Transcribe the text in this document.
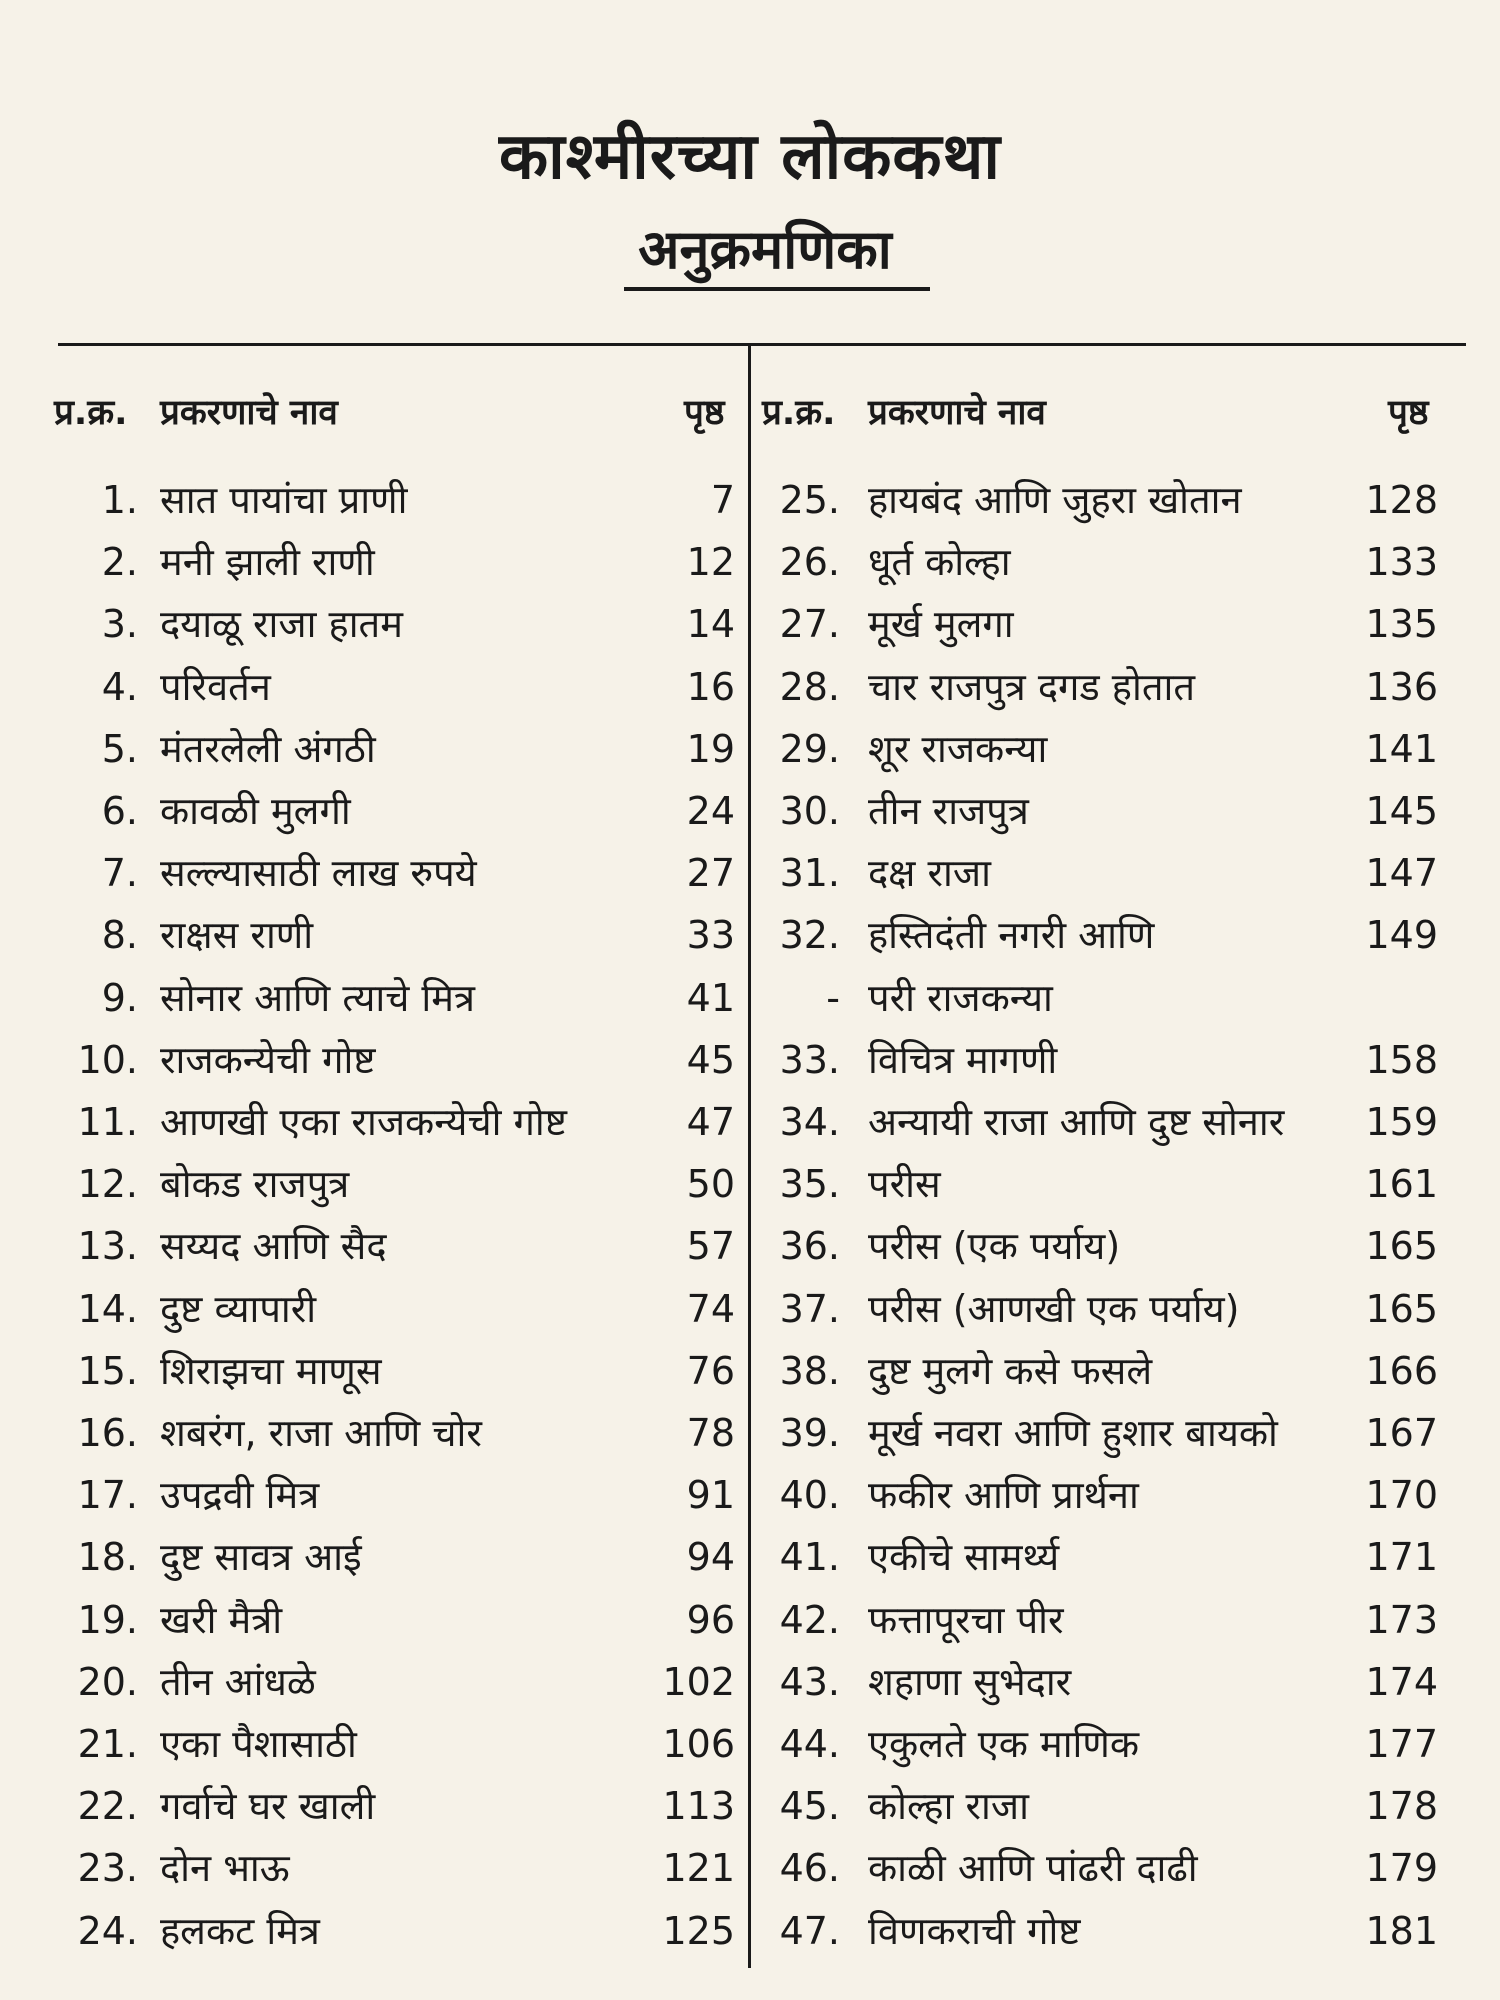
काश्मीरच्या लोककथा
अनुक्रमणिका
प्र.क्र. प्रकरणाचे नाव	पृष्ठ प्र.क्र. प्रकरणाचे नाव	पृष्ठ
1. सात पायांचा प्राणी	7
2. मनी झाली राणी	12
3. दयाळू राजा हातम	14
4. परिवर्तन	16
5. मंतरलेली अंगठी	19
6. कावळी मुलगी	24
7. सल्ल्यासाठी लाख रुपये	27
8. राक्षस राणी	33
9. सोनार आणि त्याचे मित्र	41
10. राजकन्येची गोष्ट	45
11. आणखी एका राजकन्येची गोष्ट	47
12. बोकड राजपुत्र	50
13. सय्यद आणि सैद	57
14. दुष्ट व्यापारी	74
15. शिराझचा माणूस	76
16. शबरंग, राजा आणि चोर	78
17. उपद्रवी मित्र	91
18. दुष्ट सावत्र आई	94
19. खरी मैत्री	96
20. तीन आंधळे	102
21. एका पैशासाठी	106
22. गर्वाचे घर खाली	113
23. दोन भाऊ	121
24. हलकट मित्र	125
25. हायबंद आणि जुहरा खोतान	128
26. धूर्त कोल्हा	133
27. मूर्ख मुलगा	135
28. चार राजपुत्र दगड होतात	136
29. शूर राजकन्या	141
30. तीन राजपुत्र	145
31. दक्ष राजा	147
32. हस्तिदंती नगरी आणि	149
- परी राजकन्या
33. विचित्र मागणी	158
34. अन्यायी राजा आणि दुष्ट सोनार	159
35. परीस	161
36. परीस (एक पर्याय)	165
37. परीस (आणखी एक पर्याय)	165
38. दुष्ट मुलगे कसे फसले	166
39. मूर्ख नवरा आणि हुशार बायको	167
40. फकीर आणि प्रार्थना	170
41. एकीचे सामर्थ्य	171
42. फत्तापूरचा पीर	173
43. शहाणा सुभेदार	174
44. एकुलते एक माणिक	177
45. कोल्हा राजा	178
46. काळी आणि पांढरी दाढी	179
47. विणकराची गोष्ट	181
